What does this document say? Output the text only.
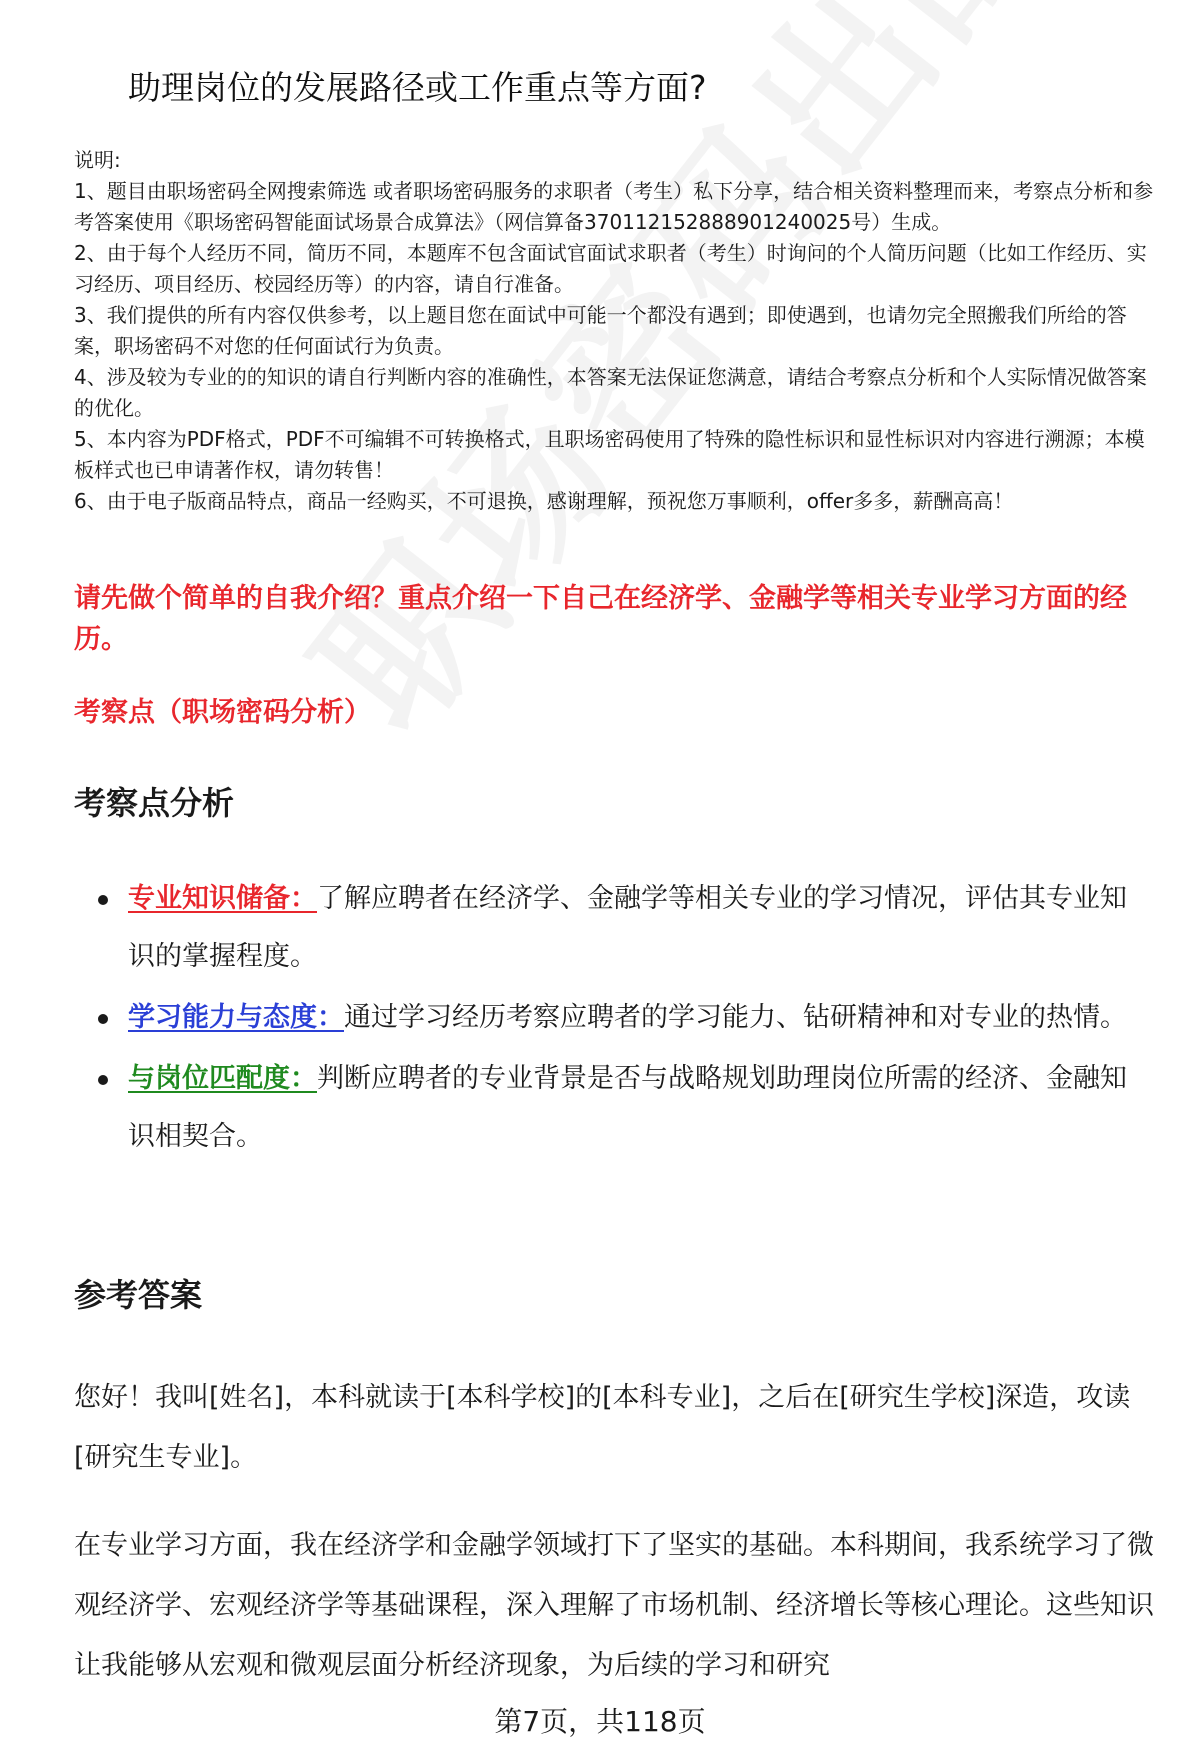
助理岗位的发展路径或工作重点等方面?

说明:

1、题目由职场密码全网搜索筛选 或者职场密码服务的求职者（考生）私下分享，结合相关资料整理而来，考察点分析和参考答案使用《职场密码智能面试场景合成算法》（网信算备370112152888901240025号）生成。

2、由于每个人经历不同，简历不同，本题库不包含面试官面试求职者（考生）时询问的个人简历问题（比如工作经历、实习经历、项目经历、校园经历等）的内容，请自行准备。

3、我们提供的所有内容仅供参考，以上题目您在面试中可能一个都没有遇到；即使遇到，也请勿完全照搬我们所给的答案，职场密码不对您的任何面试行为负责。

4、涉及较为专业的的知识的请自行判断内容的准确性，本答案无法保证您满意，请结合考察点分析和个人实际情况做答案的优化。

5、本内容为PDF格式，PDF不可编辑不可转换格式，且职场密码使用了特殊的隐性标识和显性标识对内容进行溯源；本模板样式也已申请著作权，请勿转售！

6、由于电子版商品特点，商品一经购买，不可退换，感谢理解，预祝您万事顺利，offer多多，薪酬高高！

请先做个简单的自我介绍？重点介绍一下自己在经济学、金融学等相关专业学习方面的经历。

考察点（职场密码分析）

考察点分析
专业知识储备：了解应聘者在经济学、金融学等相关专业的学习情况，评估其专业知识的掌握程度。
学习能力与态度：通过学习经历考察应聘者的学习能力、钻研精神和对专业的热情。
与岗位匹配度：判断应聘者的专业背景是否与战略规划助理岗位所需的经济、金融知识相契合。
参考答案

您好！我叫[姓名]，本科就读于[本科学校]的[本科专业]，之后在[研究生学校]深造，攻读[研究生专业]。

在专业学习方面，我在经济学和金融学领域打下了坚实的基础。本科期间，我系统学习了微观经济学、宏观经济学等基础课程，深入理解了市场机制、经济增长等核心理论。这些知识让我能够从宏观和微观层面分析经济现象，为后续的学习和研究

第7页，共118页
